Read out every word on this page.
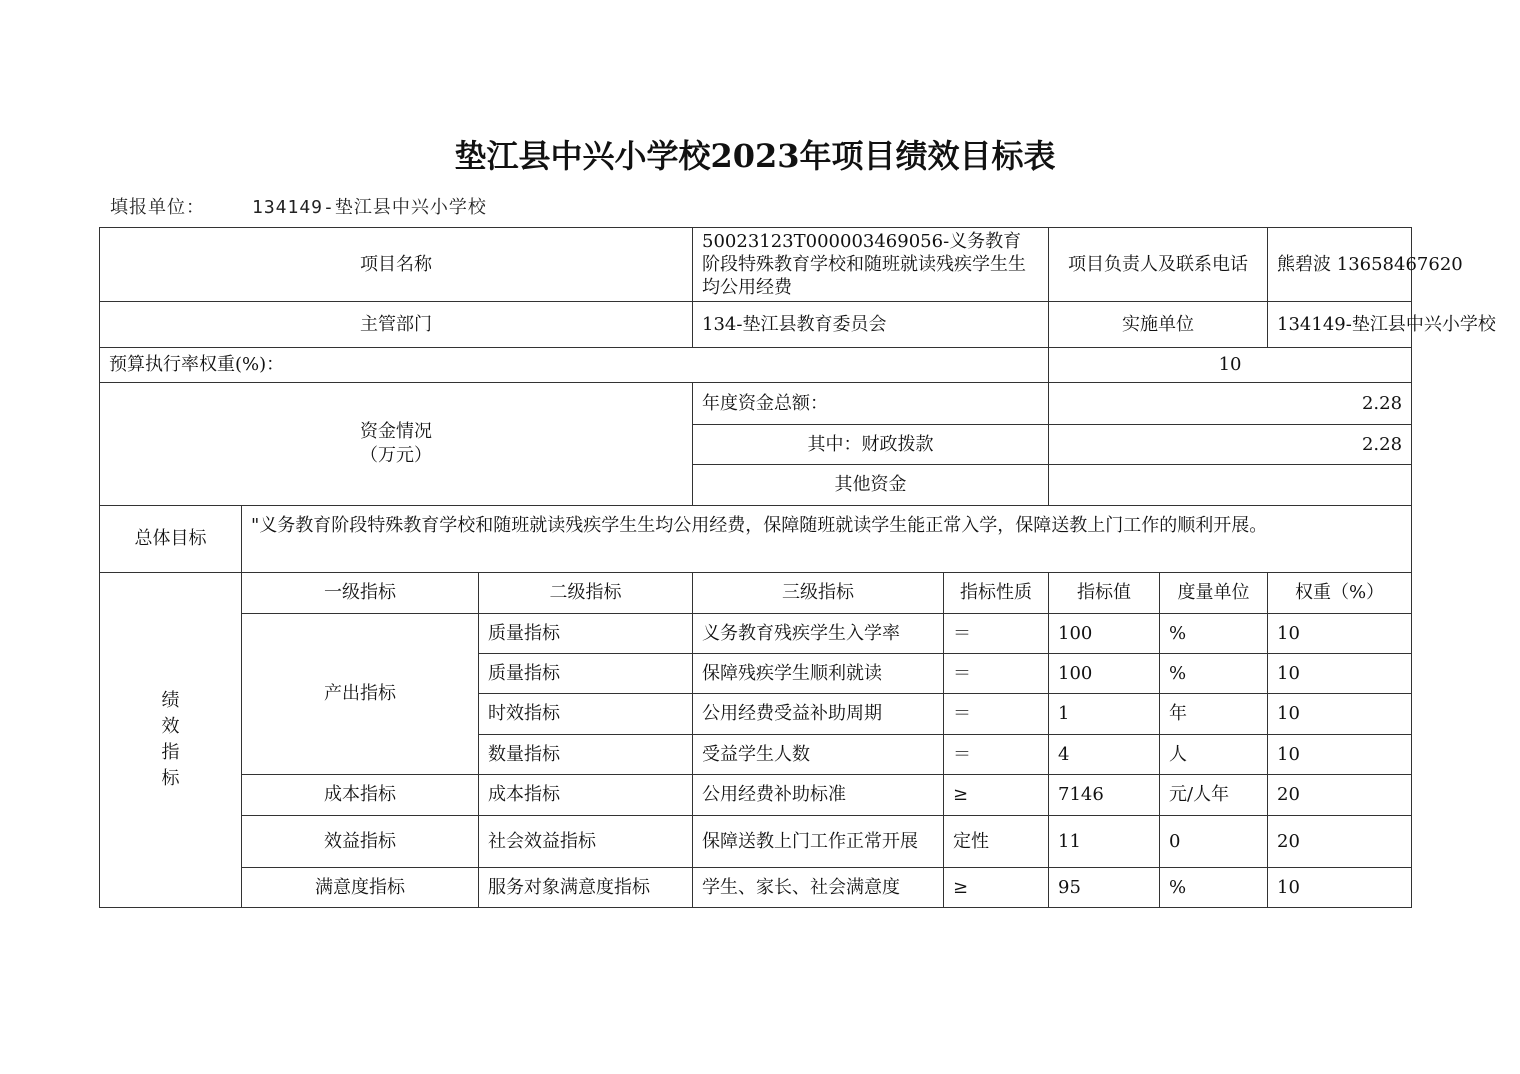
垫江县中兴小学校2023年项目绩效目标表
填报单位：	134149-垫江县中兴小学校
项目名称			50023123T000003469056-义务教育阶段特殊教育学校和随班就读残疾学生生均公用经费		项目负责人及联系电话		熊碧波 13658467620
主管部门			134-垫江县教育委员会		实施单位		134149-垫江县中兴小学校
预算执行率权重(%)：					10		

资金情况
（万元）			年度资金总额：		2.28		
			其中：财政拨款		2.28		
			其他资金				
总体目标	"义务教育阶段特殊教育学校和随班就读残疾学生生均公用经费，保障随班就读学生能正常入学，保障送教上门工作的顺利开展。						

绩
效
指
标	一级指标	二级指标	三级指标	指标性质	指标值	度量单位	权重（%）
	产出指标	质量指标	义务教育残疾学生入学率	＝	100	%	10
		质量指标	保障残疾学生顺利就读	＝	100	%	10
		时效指标	公用经费受益补助周期	＝	1	年	10
		数量指标	受益学生人数	＝	4	人	10
	成本指标	成本指标	公用经费补助标准	≥	7146	元/人年	20
	效益指标	社会效益指标	保障送教上门工作正常开展	定性	11	0	20
	满意度指标	服务对象满意度指标	学生、家长、社会满意度	≥	95	%	10
